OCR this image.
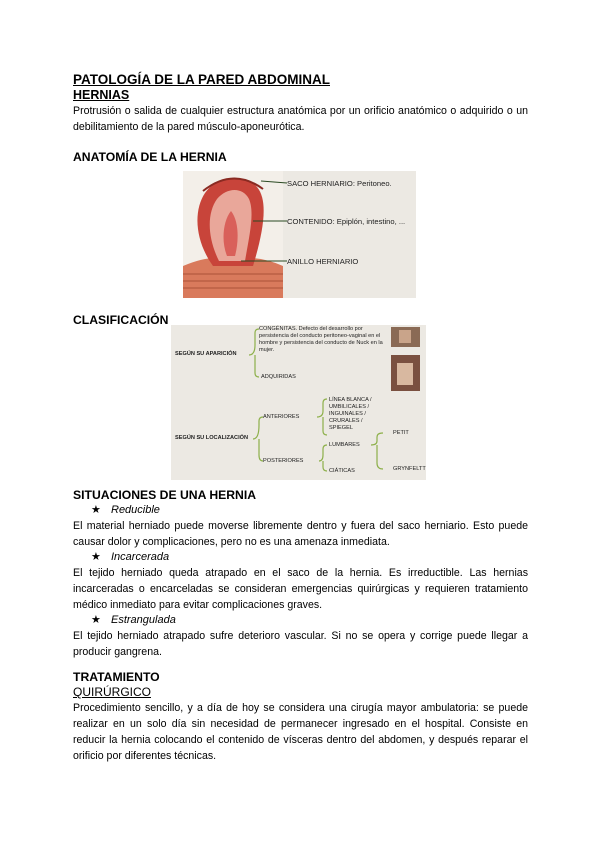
PATOLOGÍA DE LA PARED ABDOMINAL

HERNIAS

Protrusión o salida de cualquier estructura anatómica por un orificio anatómico o adquirido o un debilitamiento de la pared músculo-aponeurótica.

ANATOMÍA DE LA HERNIA

SACO HERNIARIO: Peritoneo.
CONTENIDO: Epiplón, intestino, ...
ANILLO HERNIARIO

CLASIFICACIÓN

SEGÚN SU APARICIÓN
CONGÉNITAS. Defecto del desarrollo por persistencia del conducto peritoneo-vaginal en el hombre y persistencia del conducto de Nuck en la mujer.
ADQUIRIDAS
SEGÚN SU LOCALIZACIÓN
ANTERIORES
LÍNEA BLANCA / UMBILICALES / INGUINALES / CRURALES / SPIEGEL
POSTERIORES
LUMBARES
PETIT
GRYNFELTT
CIÁTICAS

SITUACIONES DE UNA HERNIA

★ Reducible

El material herniado puede moverse libremente dentro y fuera del saco herniario. Esto puede causar dolor y complicaciones, pero no es una amenaza inmediata.

★ Incarcerada

El tejido herniado queda atrapado en el saco de la hernia. Es irreductible. Las hernias incarceradas o encarceladas se consideran emergencias quirúrgicas y requieren tratamiento médico inmediato para evitar complicaciones graves.

★ Estrangulada

El tejido herniado atrapado sufre deterioro vascular. Si no se opera y corrige puede llegar a producir gangrena.

TRATAMIENTO

QUIRÚRGICO

Procedimiento sencillo, y a día de hoy se considera una cirugía mayor ambulatoria: se puede realizar en un solo día sin necesidad de permanecer ingresado en el hospital. Consiste en reducir la hernia colocando el contenido de vísceras dentro del abdomen, y después reparar el orificio por diferentes técnicas.
